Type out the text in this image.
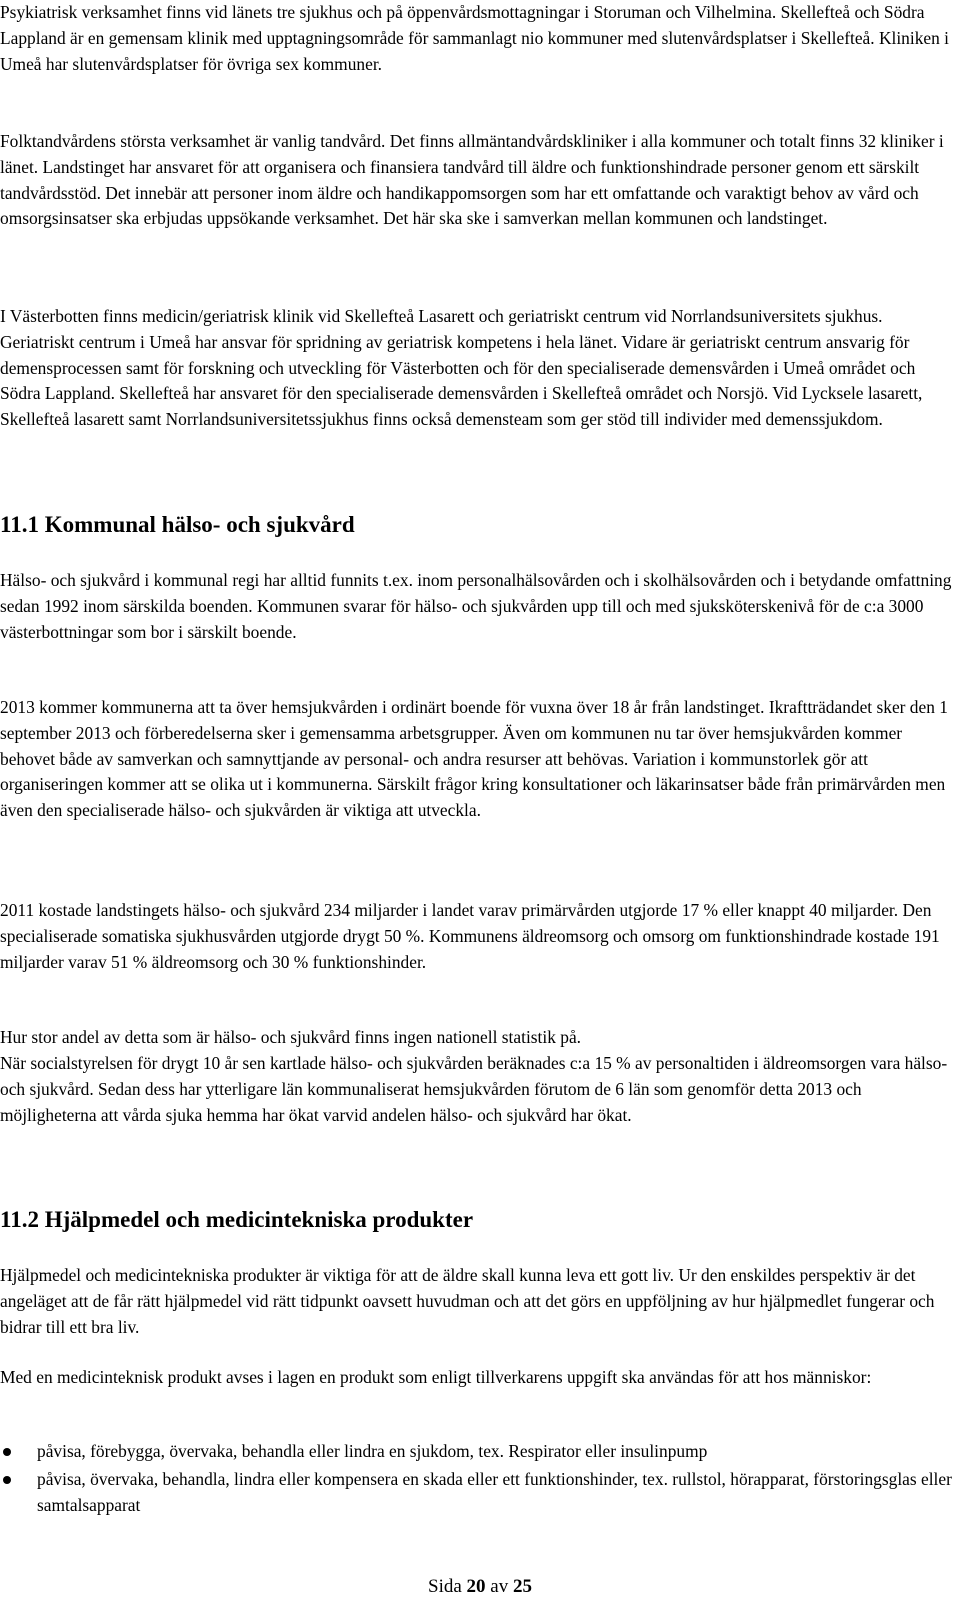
Psykiatrisk verksamhet finns vid länets tre sjukhus och på öppenvårdsmottagningar i Storuman och Vilhelmina. Skellefteå och Södra Lappland är en gemensam klinik med upptagningsområde för sammanlagt nio kommuner med slutenvårdsplatser i Skellefteå. Kliniken i Umeå har slutenvårdsplatser för övriga sex kommuner.

Folktandvårdens största verksamhet är vanlig tandvård. Det finns allmäntandvårdskliniker i alla kommuner och totalt finns 32 kliniker i länet. Landstinget har ansvaret för att organisera och finansiera tandvård till äldre och funktionshindrade personer genom ett särskilt tandvårdsstöd. Det innebär att personer inom äldre och handikappomsorgen som har ett omfattande och varaktigt behov av vård och omsorgsinsatser ska erbjudas uppsökande verksamhet. Det här ska ske i samverkan mellan kommunen och landstinget.

I Västerbotten finns medicin/geriatrisk klinik vid Skellefteå Lasarett och geriatriskt centrum vid Norrlandsuniversitets sjukhus. Geriatriskt centrum i Umeå har ansvar för spridning av geriatrisk kompetens i hela länet. Vidare är geriatriskt centrum ansvarig för demensprocessen samt för forskning och utveckling för Västerbotten och för den specialiserade demensvården i Umeå området och Södra Lappland. Skellefteå har ansvaret för den specialiserade demensvården i Skellefteå området och Norsjö. Vid Lycksele lasarett, Skellefteå lasarett samt Norrlandsuniversitetssjukhus finns också demensteam som ger stöd till individer med demenssjukdom.

11.1 Kommunal hälso- och sjukvård

Hälso- och sjukvård i kommunal regi har alltid funnits t.ex. inom personalhälsovården och i skolhälsovården och i betydande omfattning sedan 1992 inom särskilda boenden. Kommunen svarar för hälso- och sjukvården upp till och med sjuksköterskenivå för de c:a 3000 västerbottningar som bor i särskilt boende.

2013 kommer kommunerna att ta över hemsjukvården i ordinärt boende för vuxna över 18 år från landstinget. Ikraftträdandet sker den 1 september 2013 och förberedelserna sker i gemensamma arbetsgrupper. Även om kommunen nu tar över hemsjukvården kommer behovet både av samverkan och samnyttjande av personal- och andra resurser att behövas. Variation i kommunstorlek gör att organiseringen kommer att se olika ut i kommunerna. Särskilt frågor kring konsultationer och läkarinsatser både från primärvården men även den specialiserade hälso- och sjukvården är viktiga att utveckla.

2011 kostade landstingets hälso- och sjukvård 234 miljarder i landet varav primärvården utgjorde 17 % eller knappt 40 miljarder. Den specialiserade somatiska sjukhusvården utgjorde drygt 50 %. Kommunens äldreomsorg och omsorg om funktionshindrade kostade 191 miljarder varav 51 % äldreomsorg och 30 % funktionshinder.

Hur stor andel av detta som är hälso- och sjukvård finns ingen nationell statistik på.

När socialstyrelsen för drygt 10 år sen kartlade hälso- och sjukvården beräknades c:a 15 % av personaltiden i äldreomsorgen vara hälso- och sjukvård. Sedan dess har ytterligare län kommunaliserat hemsjukvården förutom de 6 län som genomför detta 2013 och möjligheterna att vårda sjuka hemma har ökat varvid andelen hälso- och sjukvård har ökat.

11.2 Hjälpmedel och medicintekniska produkter

Hjälpmedel och medicintekniska produkter är viktiga för att de äldre skall kunna leva ett gott liv. Ur den enskildes perspektiv är det angeläget att de får rätt hjälpmedel vid rätt tidpunkt oavsett huvudman och att det görs en uppföljning av hur hjälpmedlet fungerar och bidrar till ett bra liv.

Med en medicinteknisk produkt avses i lagen en produkt som enligt tillverkarens uppgift ska användas för att hos människor:

påvisa, förebygga, övervaka, behandla eller lindra en sjukdom, tex. Respirator eller insulinpump
påvisa, övervaka, behandla, lindra eller kompensera en skada eller ett funktionshinder, tex. rullstol, hörapparat, förstoringsglas eller samtalsapparat
Sida 20 av 25
